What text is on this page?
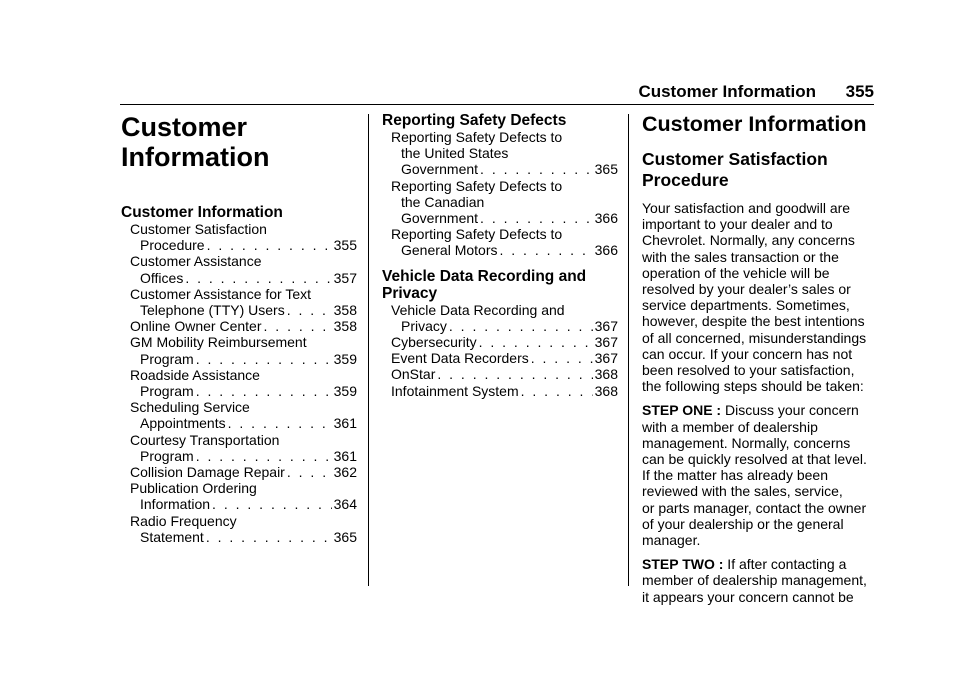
Customer Information 355
Customer
Information
Customer Information
Customer Satisfaction
Procedure . . .	355
Customer Assistance
Offices . . .	357
Customer Assistance for Text
Telephone (TTY) Users . . .	358
Online Owner Center . . .	358
GM Mobility Reimbursement
Program . . .	359
Roadside Assistance
Program . . .	359
Scheduling Service
Appointments . . .	361
Courtesy Transportation
Program . . .	361
Collision Damage Repair . . .	362
Publication Ordering
Information . . .	364
Radio Frequency
Statement . . .	365
Reporting Safety Defects
Reporting Safety Defects to
the United States
Government . . .	365
Reporting Safety Defects to
the Canadian
Government . . .	366
Reporting Safety Defects to
General Motors . . .	366
Vehicle Data Recording and
Privacy
Vehicle Data Recording and
Privacy . . .	367
Cybersecurity . . .	367
Event Data Recorders . . .	367
OnStar . . .	368
Infotainment System . . .	368
Customer Information
Customer Satisfaction
Procedure

Your satisfaction and goodwill are

important to your dealer and to

Chevrolet. Normally, any concerns

with the sales transaction or the

operation of the vehicle will be

resolved by your dealer’s sales or

service departments. Sometimes,

however, despite the best intentions

of all concerned, misunderstandings

can occur. If your concern has not

been resolved to your satisfaction,

the following steps should be taken:

STEP ONE : Discuss your concern

with a member of dealership

management. Normally, concerns

can be quickly resolved at that level.

If the matter has already been

reviewed with the sales, service,

or parts manager, contact the owner

of your dealership or the general

manager.

STEP TWO : If after contacting a

member of dealership management,

it appears your concern cannot be
